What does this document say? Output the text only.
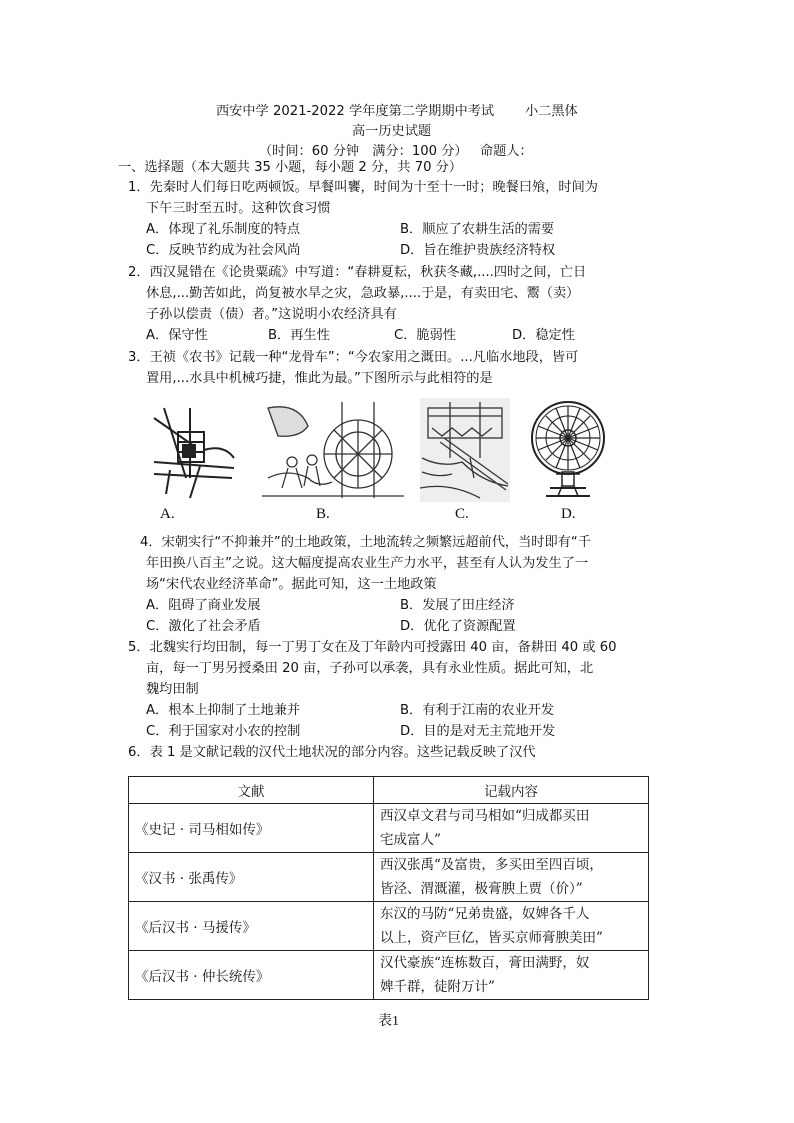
西安中学 2021-2022 学年度第二学期期中考试 小二黑体
高一历史试题
（时间：60 分钟　满分：100 分） 命题人：
一、选择题（本大题共 35 小题，每小题 2 分，共 70 分）
1．先秦时人们每日吃两顿饭。早餐叫饔，时间为十至十一时；晚餐曰飧，时间为
下午三时至五时。这种饮食习惯
A．体现了礼乐制度的特点	B．顺应了农耕生活的需要
C．反映节约成为社会风尚	D．旨在维护贵族经济特权
2．西汉晁错在《论贵粟疏》中写道：“春耕夏耘，秋获冬藏,....四时之间，亡日
休息,...勤苦如此，尚复被水旱之灾，急政暴,....于是，有卖田宅、鬻（卖）
子孙以偿责（债）者。”这说明小农经济具有
A．保守性	B．再生性	C．脆弱性	D．稳定性
3．王祯《农书》记载一种“龙骨车”：“今农家用之溉田。...凡临水地段，皆可
置用,...水具中机械巧捷，惟此为最。”下图所示与此相符的是
A.	B.	C.	D.
4．宋朝实行“不抑兼并”的土地政策，土地流转之频繁远超前代，当时即有“千
年田换八百主”之说。这大幅度提高农业生产力水平，甚至有人认为发生了一
场“宋代农业经济革命”。据此可知，这一土地政策
A．阻碍了商业发展	B．发展了田庄经济
C．激化了社会矛盾	D．优化了资源配置
5．北魏实行均田制，每一丁男丁女在及丁年龄内可授露田 40 亩，备耕田 40 或 60
亩，每一丁男另授桑田 20 亩，子孙可以承袭，具有永业性质。据此可知，北
魏均田制
A．根本上抑制了土地兼并	B．有利于江南的农业开发
C．利于国家对小农的控制	D．目的是对无主荒地开发
6．表 1 是文献记载的汉代土地状况的部分内容。这些记载反映了汉代
文献	记载内容
《史记 · 司马相如传》	西汉卓文君与司马相如“归成都买田
宅成富人”
《汉书 · 张禹传》	西汉张禹“及富贵，多买田至四百顷，
皆泾、渭溉灌，极膏腴上贾（价）”
《后汉书 · 马援传》	东汉的马防“兄弟贵盛，奴婢各千人
以上，资产巨亿，皆买京师膏腴美田”
《后汉书 · 仲长统传》	汉代豪族“连栋数百，膏田满野，奴
婢千群，徒附万计”
表1
